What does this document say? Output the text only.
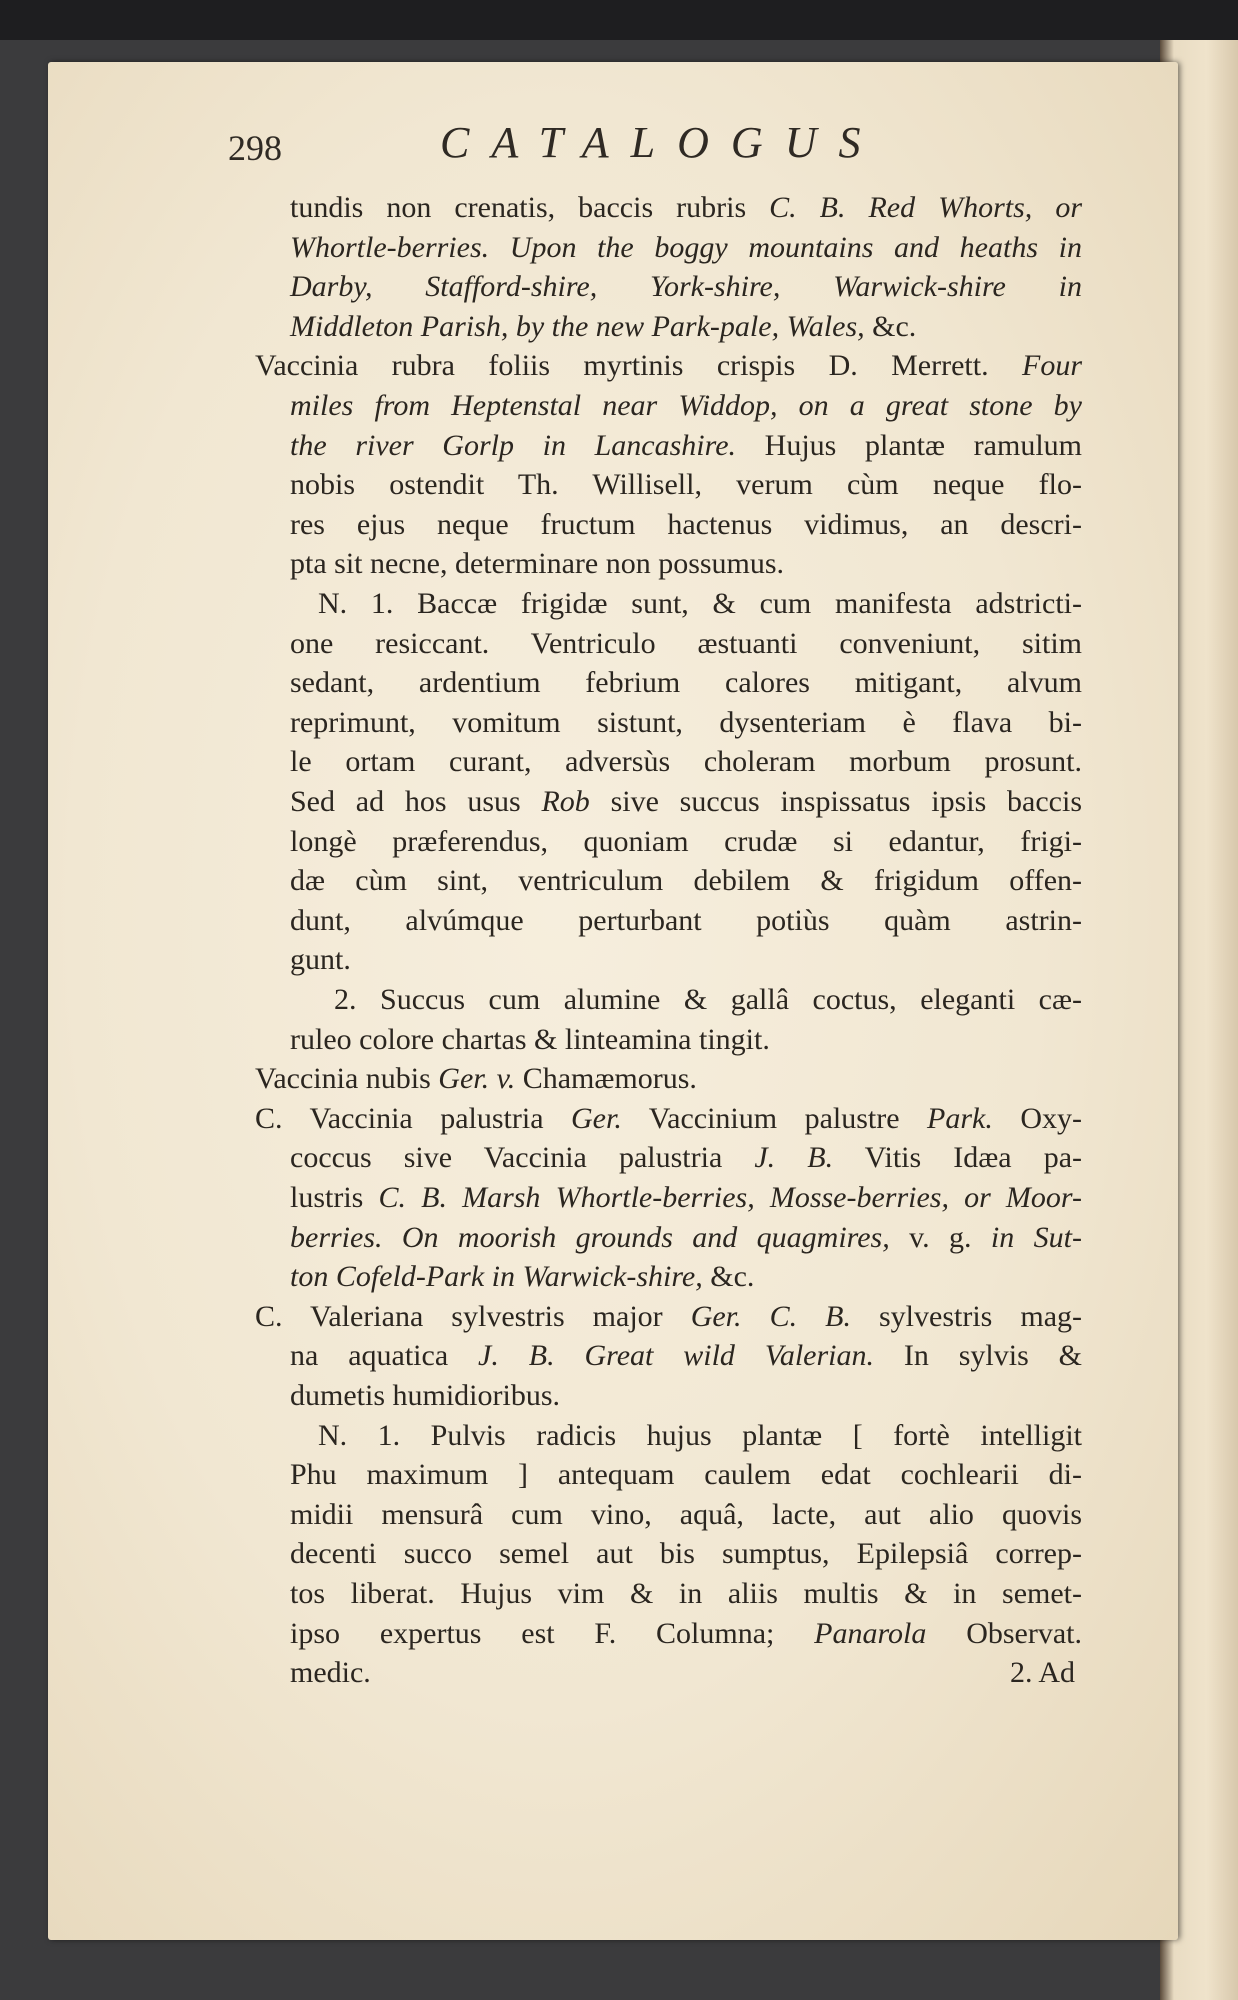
298	CATALOGUS
tundis non crenatis, baccis rubris C. B. Red Whorts, or
Whortle-berries. Upon the boggy mountains and heaths in
Darby, Stafford-shire, York-shire, Warwick-shire in
Middleton Parish, by the new Park-pale, Wales, &c.
Vaccinia rubra foliis myrtinis crispis D. Merrett. Four
miles from Heptenstal near Widdop, on a great stone by
the river Gorlp in Lancashire. Hujus plantæ ramulum
nobis ostendit Th. Willisell, verum cùm neque flo-
res ejus neque fructum hactenus vidimus, an descri-
pta sit necne, determinare non possumus.
N. 1. Baccæ frigidæ sunt, & cum manifesta adstricti-
one resiccant. Ventriculo æstuanti conveniunt, sitim
sedant, ardentium febrium calores mitigant, alvum
reprimunt, vomitum sistunt, dysenteriam è flava bi-
le ortam curant, adversùs choleram morbum prosunt.
Sed ad hos usus Rob sive succus inspissatus ipsis baccis
longè præferendus, quoniam crudæ si edantur, frigi-
dæ cùm sint, ventriculum debilem & frigidum offen-
dunt, alvúmque perturbant potiùs quàm astrin-
gunt.
2. Succus cum alumine & gallâ coctus, eleganti cæ-
ruleo colore chartas & linteamina tingit.
Vaccinia nubis Ger. v. Chamæmorus.
C. Vaccinia palustria Ger. Vaccinium palustre Park. Oxy-
coccus sive Vaccinia palustria J. B. Vitis Idæa pa-
lustris C. B. Marsh Whortle-berries, Mosse-berries, or Moor-
berries. On moorish grounds and quagmires, v. g. in Sut-
ton Cofeld-Park in Warwick-shire, &c.
C. Valeriana sylvestris major Ger. C. B. sylvestris mag-
na aquatica J. B. Great wild Valerian. In sylvis &
dumetis humidioribus.
N. 1. Pulvis radicis hujus plantæ [ fortè intelligit
Phu maximum ] antequam caulem edat cochlearii di-
midii mensurâ cum vino, aquâ, lacte, aut alio quovis
decenti succo semel aut bis sumptus, Epilepsiâ correp-
tos liberat. Hujus vim & in aliis multis & in semet-
ipso expertus est F. Columna; Panarola Observat.
medic.	2. Ad
